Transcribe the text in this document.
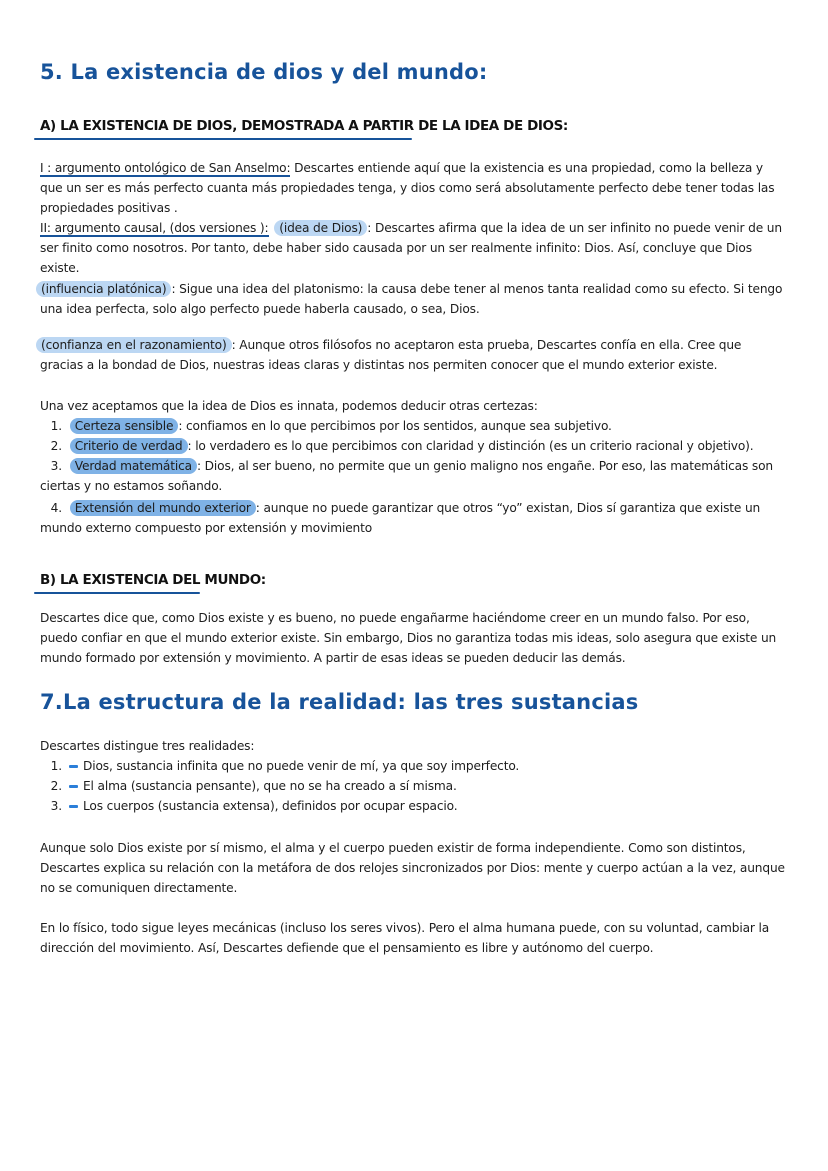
5. La existencia de dios y del mundo:
A) LA EXISTENCIA DE DIOS, DEMOSTRADA A PARTIR DE LA IDEA DE DIOS:
I : argumento ontológico de San Anselmo: Descartes entiende aquí que la existencia es una propiedad, como la belleza y que un ser es más perfecto cuanta más propiedades tenga, y dios como será absolutamente perfecto debe tener todas las propiedades positivas .
II: argumento causal, (dos versiones ): (idea de Dios) : Descartes afirma que la idea de un ser infinito no puede venir de un ser finito como nosotros. Por tanto, debe haber sido causada por un ser realmente infinito: Dios. Así, concluye que Dios existe.
(influencia platónica) : Sigue una idea del platonismo: la causa debe tener al menos tanta realidad como su efecto. Si tengo una idea perfecta, solo algo perfecto puede haberla causado, o sea, Dios.
(confianza en el razonamiento) : Aunque otros filósofos no aceptaron esta prueba, Descartes confía en ella. Cree que gracias a la bondad de Dios, nuestras ideas claras y distintas nos permiten conocer que el mundo exterior existe.
Una vez aceptamos que la idea de Dios es innata, podemos deducir otras certezas:
1. Certeza sensible : confiamos en lo que percibimos por los sentidos, aunque sea subjetivo.
2. Criterio de verdad : lo verdadero es lo que percibimos con claridad y distinción (es un criterio racional y objetivo).
3. Verdad matemática : Dios, al ser bueno, no permite que un genio maligno nos engañe. Por eso, las matemáticas son ciertas y no estamos soñando.
4. Extensión del mundo exterior : aunque no puede garantizar que otros “yo” existan, Dios sí garantiza que existe un mundo externo compuesto por extensión y movimiento
B) LA EXISTENCIA DEL MUNDO:
Descartes dice que, como Dios existe y es bueno, no puede engañarme haciéndome creer en un mundo falso. Por eso, puedo confiar en que el mundo exterior existe. Sin embargo, Dios no garantiza todas mis ideas, solo asegura que existe un mundo formado por extensión y movimiento. A partir de esas ideas se pueden deducir las demás.
7.La estructura de la realidad: las tres sustancias
Descartes distingue tres realidades:
1. Dios, sustancia infinita que no puede venir de mí, ya que soy imperfecto.
2. El alma (sustancia pensante), que no se ha creado a sí misma.
3. Los cuerpos (sustancia extensa), definidos por ocupar espacio.
Aunque solo Dios existe por sí mismo, el alma y el cuerpo pueden existir de forma independiente. Como son distintos, Descartes explica su relación con la metáfora de dos relojes sincronizados por Dios: mente y cuerpo actúan a la vez, aunque no se comuniquen directamente.
En lo físico, todo sigue leyes mecánicas (incluso los seres vivos). Pero el alma humana puede, con su voluntad, cambiar la dirección del movimiento. Así, Descartes defiende que el pensamiento es libre y autónomo del cuerpo.
